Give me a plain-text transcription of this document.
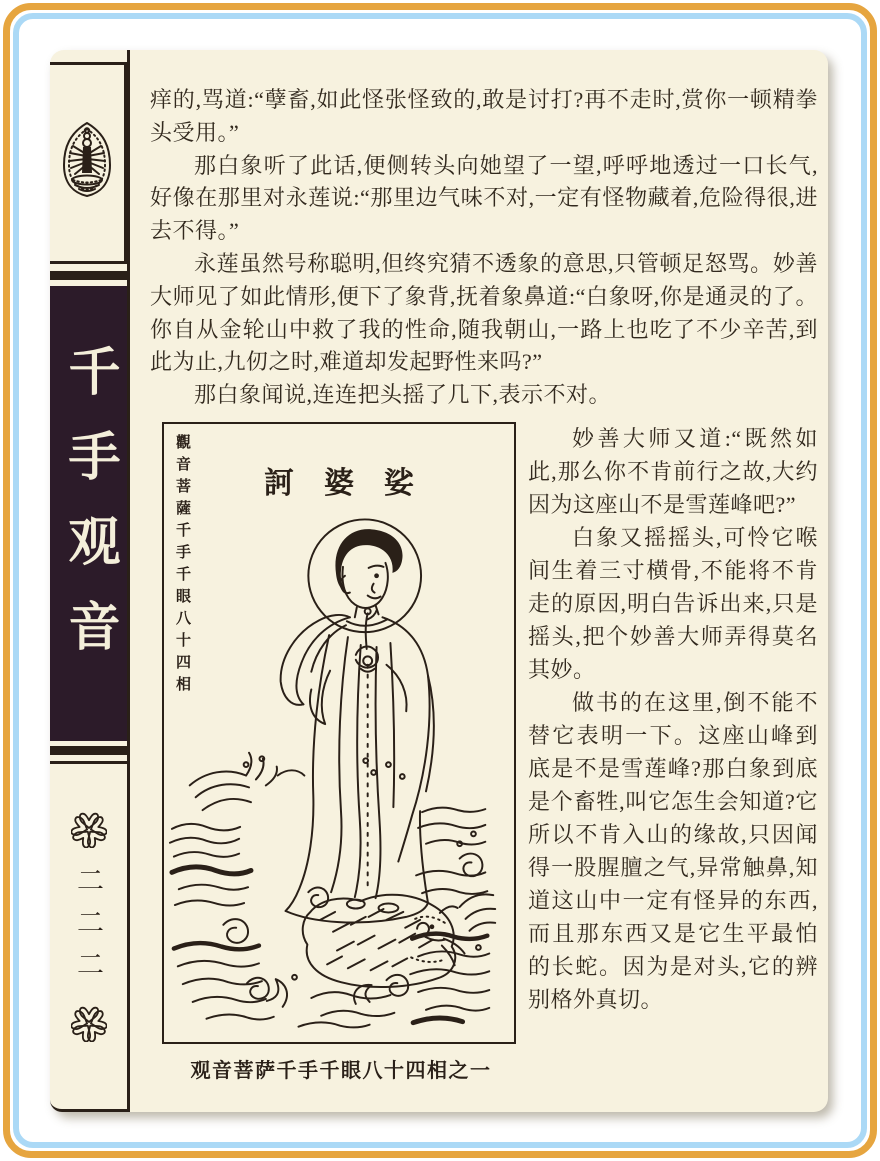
千手观音
二二二

痒的,骂道:“孽畜,如此怪张怪致的,敢是讨打?再不走时,赏你一顿精拳头受用。”

那白象听了此话,便侧转头向她望了一望,呼呼地透过一口长气,好像在那里对永莲说:“那里边气味不对,一定有怪物藏着,危险得很,进去不得。”

永莲虽然号称聪明,但终究猜不透象的意思,只管顿足怒骂。妙善大师见了如此情形,便下了象背,抚着象鼻道:“白象呀,你是通灵的了。你自从金轮山中救了我的性命,随我朝山,一路上也吃了不少辛苦,到此为止,九仞之时,难道却发起野性来吗?”

那白象闻说,连连把头摇了几下,表示不对。

觀音菩薩千手千眼八十四相	訶婆娑
观音菩萨千手千眼八十四相之一

妙善大师又道:“既然如此,那么你不肯前行之故,大约因为这座山不是雪莲峰吧?”

白象又摇摇头,可怜它喉间生着三寸横骨,不能将不肯走的原因,明白告诉出来,只是摇头,把个妙善大师弄得莫名其妙。

做书的在这里,倒不能不替它表明一下。这座山峰到底是不是雪莲峰?那白象到底是个畜牲,叫它怎生会知道?它所以不肯入山的缘故,只因闻得一股腥膻之气,异常触鼻,知道这山中一定有怪异的东西,而且那东西又是它生平最怕的长蛇。因为是对头,它的辨别格外真切。
